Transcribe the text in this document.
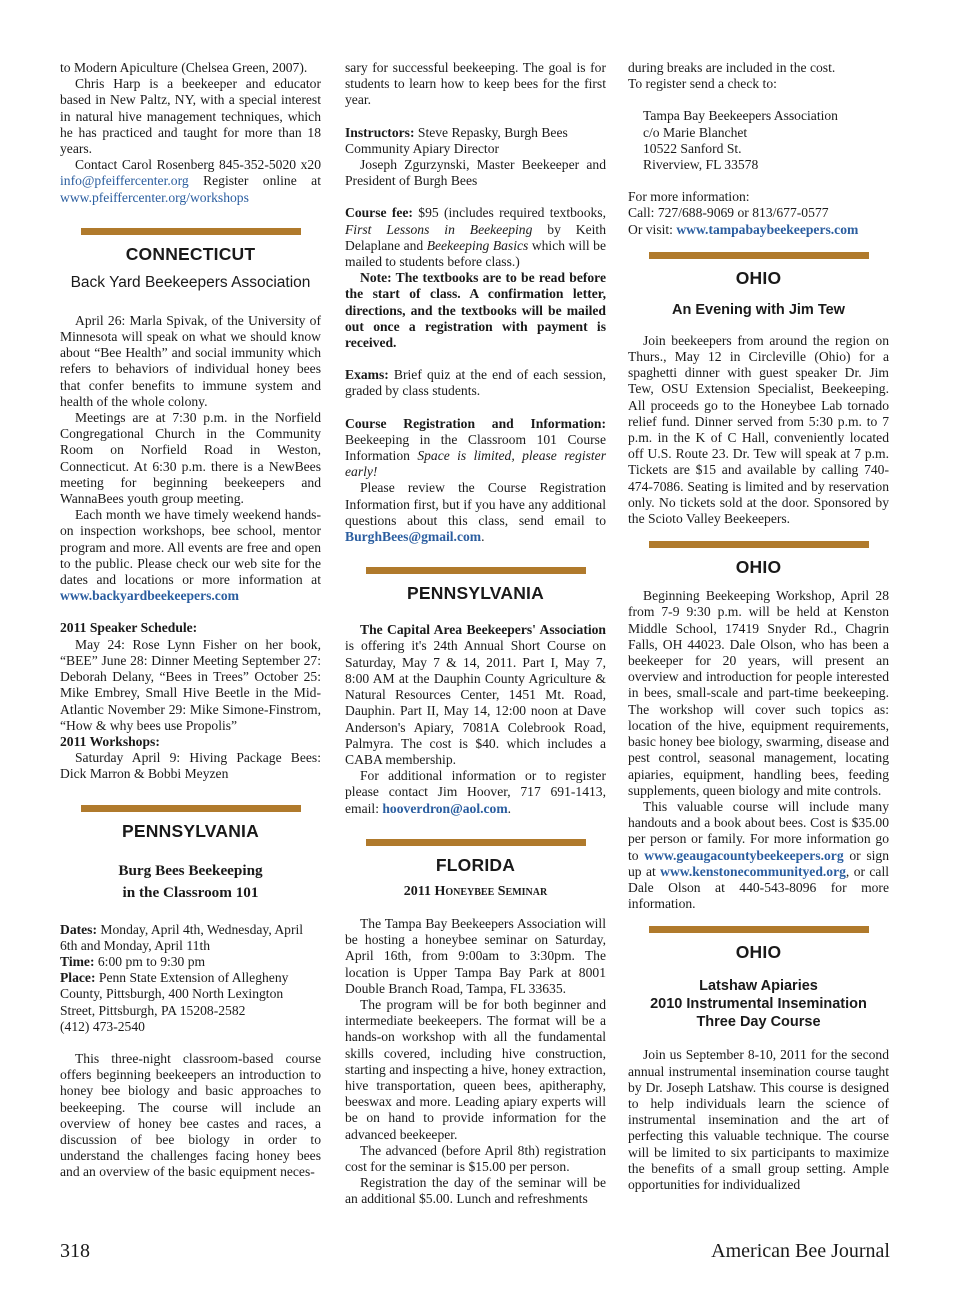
to Modern Apiculture (Chelsea Green, 2007).

Chris Harp is a beekeeper and educator based in New Paltz, NY, with a special interest in natural hive management techniques, which he has practiced and taught for more than 18 years.

Contact Carol Rosenberg 845-352-5020 x20 info@pfeiffercenter.org Register online at www.pfeiffercenter.org/workshops

CONNECTICUT
Back Yard Beekeepers Association

April 26: Marla Spivak, of the University of Minnesota will speak on what we should know about “Bee Health” and social immunity which refers to behaviors of individual honey bees that confer benefits to immune system and health of the whole colony.

Meetings are at 7:30 p.m. in the Norfield Congregational Church in the Community Room on Norfield Road in Weston, Connecticut. At 6:30 p.m. there is a NewBees meeting for beginning beekeepers and WannaBees youth group meeting.

Each month we have timely weekend hands-on inspection workshops, bee school, mentor program and more. All events are free and open to the public. Please check our web site for the dates and locations or more information at www.backyardbeekeepers.com

2011 Speaker Schedule:

May 24: Rose Lynn Fisher on her book, “BEE” June 28: Dinner Meeting September 27: Deborah Delany, “Bees in Trees” October 25: Mike Embrey, Small Hive Beetle in the Mid-Atlantic November 29: Mike Simone-Finstrom, “How & why bees use Propolis”

2011 Workshops:

Saturday April 9: Hiving Package Bees: Dick Marron & Bobbi Meyzen

PENNSYLVANIA
Burg Bees Beekeeping
in the Classroom 101

Dates: Monday, April 4th, Wednesday, April 6th and Monday, April 11th

Time: 6:00 pm to 9:30 pm

Place: Penn State Extension of Allegheny County, Pittsburgh, 400 North Lexington Street, Pittsburgh, PA 15208-2582

(412) 473-2540

This three-night classroom-based course offers beginning beekeepers an introduction to honey bee biology and basic approaches to beekeeping. The course will include an overview of honey bee castes and races, a discussion of bee biology in order to understand the challenges facing honey bees and an overview of the basic equipment neces-

sary for successful beekeeping. The goal is for students to learn how to keep bees for the first year.

Instructors: Steve Repasky, Burgh Bees Community Apiary Director

Joseph Zgurzynski, Master Beekeeper and President of Burgh Bees

Course fee: $95 (includes required textbooks, First Lessons in Beekeeping by Keith Delaplane and Beekeeping Basics which will be mailed to students before class.)

Note: The textbooks are to be read before the start of class. A confirmation letter, directions, and the textbooks will be mailed out once a registration with payment is received.

Exams: Brief quiz at the end of each session, graded by class students.

Course Registration and Information: Beekeeping in the Classroom 101 Course Information Space is limited, please register early!

Please review the Course Registration Information first, but if you have any additional questions about this class, send email to BurghBees@gmail.com.

PENNSYLVANIA

The Capital Area Beekeepers' Association is offering it's 24th Annual Short Course on Saturday, May 7 & 14, 2011. Part I, May 7, 8:00 AM at the Dauphin County Agriculture & Natural Resources Center, 1451 Mt. Road, Dauphin. Part II, May 14, 12:00 noon at Dave Anderson's Apiary, 7081A Colebrook Road, Palmyra. The cost is $40. which includes a CABA membership.

For additional information or to register please contact Jim Hoover, 717 691-1413, email: hooverdron@aol.com.

FLORIDA
2011 Honeybee Seminar

The Tampa Bay Beekeepers Association will be hosting a honeybee seminar on Saturday, April 16th, from 9:00am to 3:30pm. The location is Upper Tampa Bay Park at 8001 Double Branch Road, Tampa, FL 33635.

The program will be for both beginner and intermediate beekeepers. The format will be a hands-on workshop with all the fundamental skills covered, including hive construction, starting and inspecting a hive, honey extraction, hive transportation, queen bees, apitheraphy, beeswax and more. Leading apiary experts will be on hand to provide information for the advanced beekeeper.

The advanced (before April 8th) registration cost for the seminar is $15.00 per person.

Registration the day of the seminar will be an additional $5.00. Lunch and refreshments

during breaks are included in the cost.

To register send a check to:

Tampa Bay Beekeepers Association

c/o Marie Blanchet

10522 Sanford St.

Riverview, FL 33578

For more information:

Call: 727/688-9069 or 813/677-0577

Or visit: www.tampabaybeekeepers.com

OHIO
An Evening with Jim Tew

Join beekeepers from around the region on Thurs., May 12 in Circleville (Ohio) for a spaghetti dinner with guest speaker Dr. Jim Tew, OSU Extension Specialist, Beekeeping. All proceeds go to the Honeybee Lab tornado relief fund. Dinner served from 5:30 p.m. to 7 p.m. in the K of C Hall, conveniently located off U.S. Route 23. Dr. Tew will speak at 7 p.m. Tickets are $15 and available by calling 740-474-7086. Seating is limited and by reservation only. No tickets sold at the door. Sponsored by the Scioto Valley Beekeepers.

OHIO

Beginning Beekeeping Workshop, April 28 from 7-9 9:30 p.m. will be held at Kenston Middle School, 17419 Snyder Rd., Chagrin Falls, OH 44023. Dale Olson, who has been a beekeeper for 20 years, will present an overview and introduction for people interested in bees, small-scale and part-time beekeeping. The workshop will cover such topics as: location of the hive, equipment requirements, basic honey bee biology, swarming, disease and pest control, seasonal management, locating apiaries, equipment, handling bees, feeding supplements, queen biology and mite controls.

This valuable course will include many handouts and a book about bees. Cost is $35.00 per person or family. For more information go to www.geaugacountybeekeepers.org or sign up at www.kenstonecommunityed.org, or call Dale Olson at 440-543-8096 for more information.

OHIO
Latshaw Apiaries
2010 Instrumental Insemination
Three Day Course

Join us September 8-10, 2011 for the second annual instrumental insemination course taught by Dr. Joseph Latshaw. This course is designed to help individuals learn the science of instrumental insemination and the art of perfecting this valuable technique. The course will be limited to six participants to maximize the benefits of a small group setting. Ample opportunities for individualized

318	American Bee Journal
